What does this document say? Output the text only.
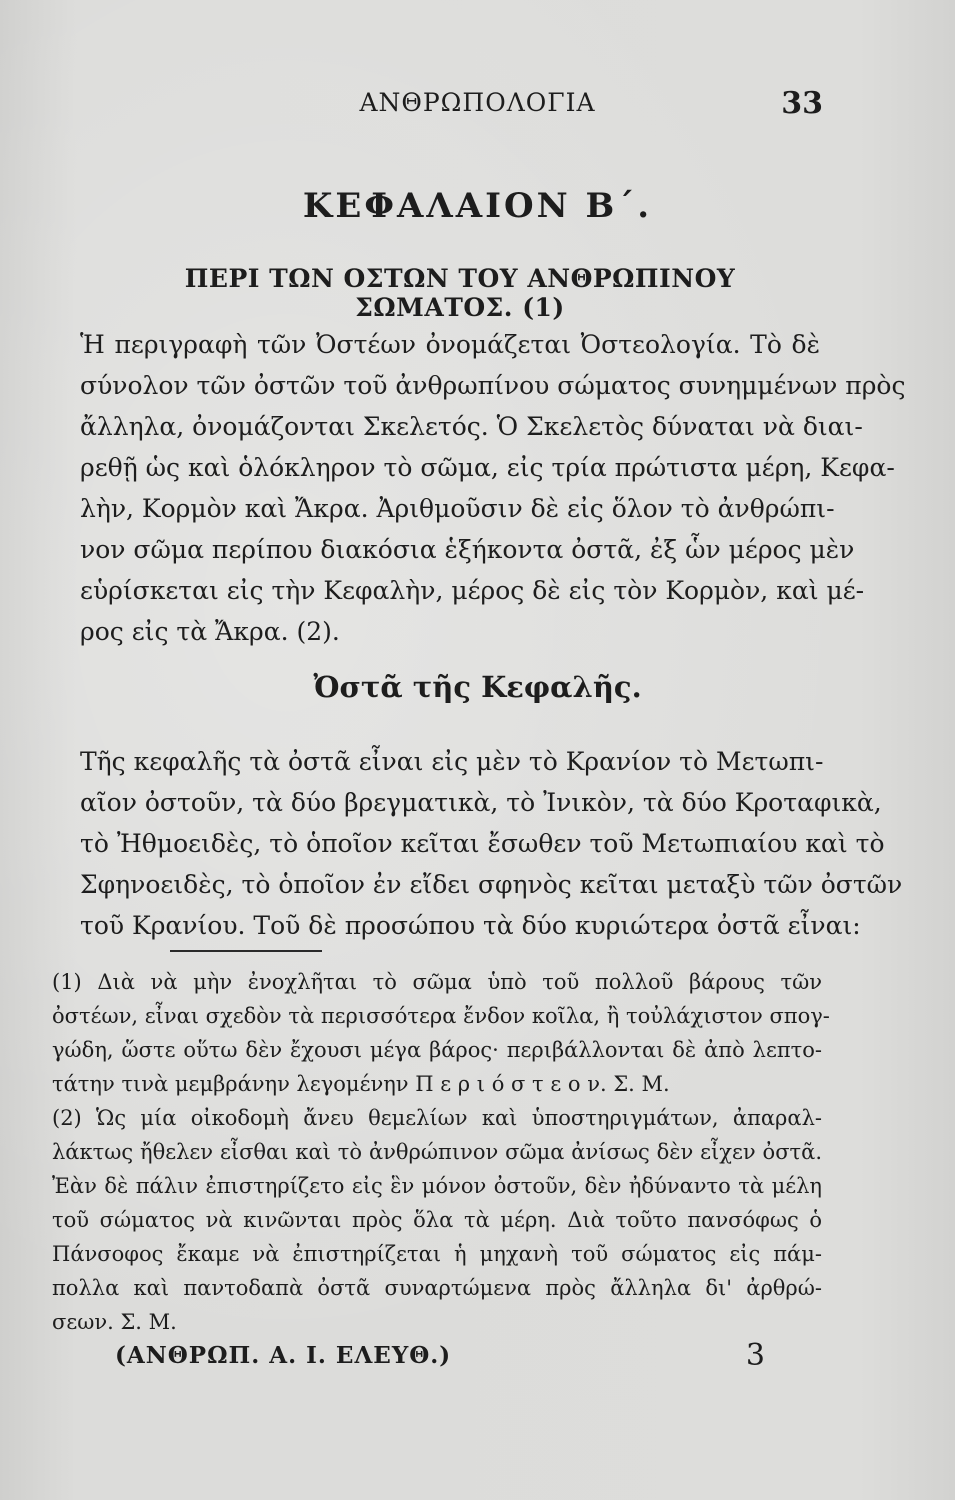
ΑΝΘΡΩΠΟΛΟΓΙΑ	33
ΚΕΦΑΛΑΙΟΝ Β΄.
ΠΕΡΙ ΤΩΝ ΟΣΤΩΝ ΤΟΥ ΑΝΘΡΩΠΙΝΟΥ ΣΩΜΑΤΟΣ. (1)
Ἡ περιγραφὴ τῶν Ὀστέων ὀνομάζεται Ὀστεολογία. Τὸ δὲ
σύνολον τῶν ὀστῶν τοῦ ἀνθρωπίνου σώματος συνημμένων πρὸς
ἄλληλα, ὀνομάζονται Σκελετός. Ὁ Σκελετὸς δύναται νὰ διαι-
ρεθῇ ὡς καὶ ὁλόκληρον τὸ σῶμα, εἰς τρία πρώτιστα μέρη, Κεφα-
λὴν, Κορμὸν καὶ Ἄκρα. Ἀριθμοῦσιν δὲ εἰς ὅλον τὸ ἀνθρώπι-
νον σῶμα περίπου διακόσια ἑξήκοντα ὀστᾶ, ἐξ ὧν μέρος μὲν
εὑρίσκεται εἰς τὴν Κεφαλὴν, μέρος δὲ εἰς τὸν Κορμὸν, καὶ μέ-
ρος εἰς τὰ Ἄκρα. (2).
Ὀστᾶ τῆς Κεφαλῆς.
Τῆς κεφαλῆς τὰ ὀστᾶ εἶναι εἰς μὲν τὸ Κρανίον τὸ Μετωπι-
αῖον ὀστοῦν, τὰ δύο βρεγματικὰ, τὸ Ἰνικὸν, τὰ δύο Κροταφικὰ,
τὸ Ἠθμοειδὲς, τὸ ὁποῖον κεῖται ἔσωθεν τοῦ Μετωπιαίου καὶ τὸ
Σφηνοειδὲς, τὸ ὁποῖον ἐν εἴδει σφηνὸς κεῖται μεταξὺ τῶν ὀστῶν
τοῦ Κρανίου. Τοῦ δὲ προσώπου τὰ δύο κυριώτερα ὀστᾶ εἶναι:
(1) Διὰ νὰ μὴν ἐνοχλῆται τὸ σῶμα ὑπὸ τοῦ πολλοῦ βάρους τῶν
ὀστέων, εἶναι σχεδὸν τὰ περισσότερα ἔνδον κοῖλα, ἢ τοὐλάχιστον σπογ-
γώδη, ὥστε οὕτω δὲν ἔχουσι μέγα βάρος· περιβάλλονται δὲ ἀπὸ λεπτο-
τάτην τινὰ μεμβράνην λεγομένην Π ε ρ ι ό σ τ ε ο ν. Σ. Μ.
(2) Ὡς μία οἰκοδομὴ ἄνευ θεμελίων καὶ ὑποστηριγμάτων, ἀπαραλ-
λάκτως ἤθελεν εἶσθαι καὶ τὸ ἀνθρώπινον σῶμα ἀνίσως δὲν εἶχεν ὀστᾶ.
Ἐὰν δὲ πάλιν ἐπιστηρίζετο εἰς ἓν μόνον ὀστοῦν, δὲν ἠδύναντο τὰ μέλη
τοῦ σώματος νὰ κινῶνται πρὸς ὅλα τὰ μέρη. Διὰ τοῦτο πανσόφως ὁ
Πάνσοφος ἔκαμε νὰ ἐπιστηρίζεται ἡ μηχανὴ τοῦ σώματος εἰς πάμ-
πολλα καὶ παντοδαπὰ ὀστᾶ συναρτώμενα πρὸς ἄλληλα δι' ἀρθρώ-
σεων. Σ. Μ.
(ΑΝΘΡΩΠ. Α. Ι. ΕΛΕΥΘ.)	3
